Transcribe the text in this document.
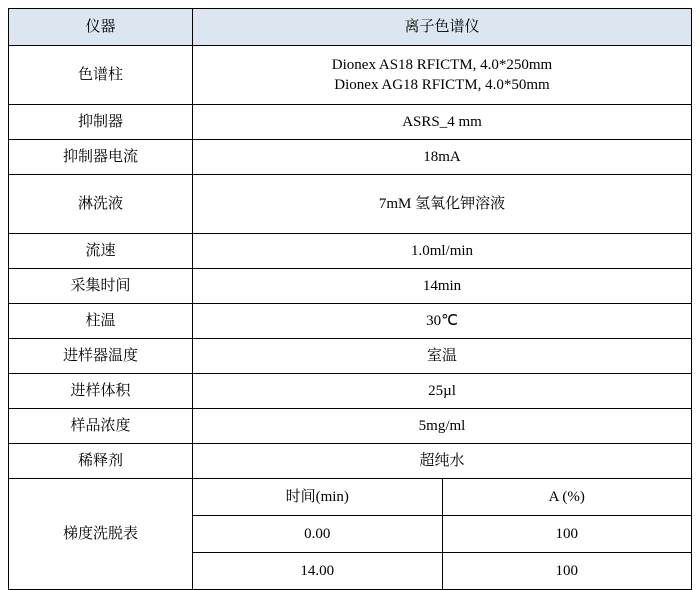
仪器	离子色谱仪	
色谱柱	Dionex AS18 RFICTM, 4.0*250mm
Dionex AG18 RFICTM, 4.0*50mm	

抑制器	ASRS_4 mm	
抑制器电流	18mA	
淋洗液	7mM 氢氧化钾溶液	
流速	1.0ml/min	
采集时间	14min	
柱温	30℃	
进样器温度	室温	
进样体积	25µl	
样品浓度	5mg/ml	
稀释剂	超纯水	
梯度洗脱表	时间(min)	A (%)
	0.00	100
	14.00	100
